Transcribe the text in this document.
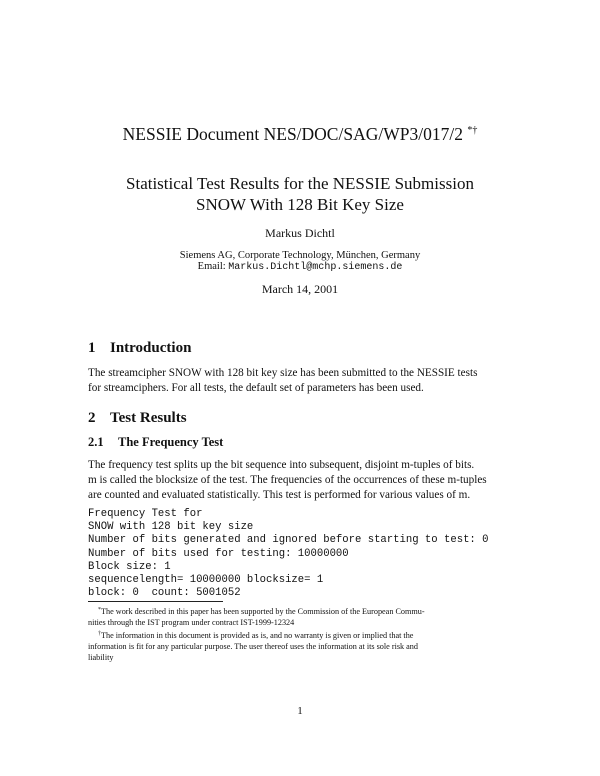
NESSIE Document NES/DOC/SAG/WP3/017/2 *†
Statistical Test Results for the NESSIE Submission
SNOW With 128 Bit Key Size
Markus Dichtl
Siemens AG, Corporate Technology, München, Germany
Email: Markus.Dichtl@mchp.siemens.de
March 14, 2001
1 Introduction
The streamcipher SNOW with 128 bit key size has been submitted to the NESSIE tests
for streamciphers. For all tests, the default set of parameters has been used.
2 Test Results
2.1 The Frequency Test
The frequency test splits up the bit sequence into subsequent, disjoint m-tuples of bits.
m is called the blocksize of the test. The frequencies of the occurrences of these m-tuples
are counted and evaluated statistically. This test is performed for various values of m.
Frequency Test for
SNOW with 128 bit key size
Number of bits generated and ignored before starting to test: 0
Number of bits used for testing: 10000000
Block size: 1
sequencelength= 10000000 blocksize= 1
block: 0  count: 5001052
*The work described in this paper has been supported by the Commission of the European Commu-
nities through the IST program under contract IST-1999-12324
†The information in this document is provided as is, and no warranty is given or implied that the
information is fit for any particular purpose. The user thereof uses the information at its sole risk and
liability
1
